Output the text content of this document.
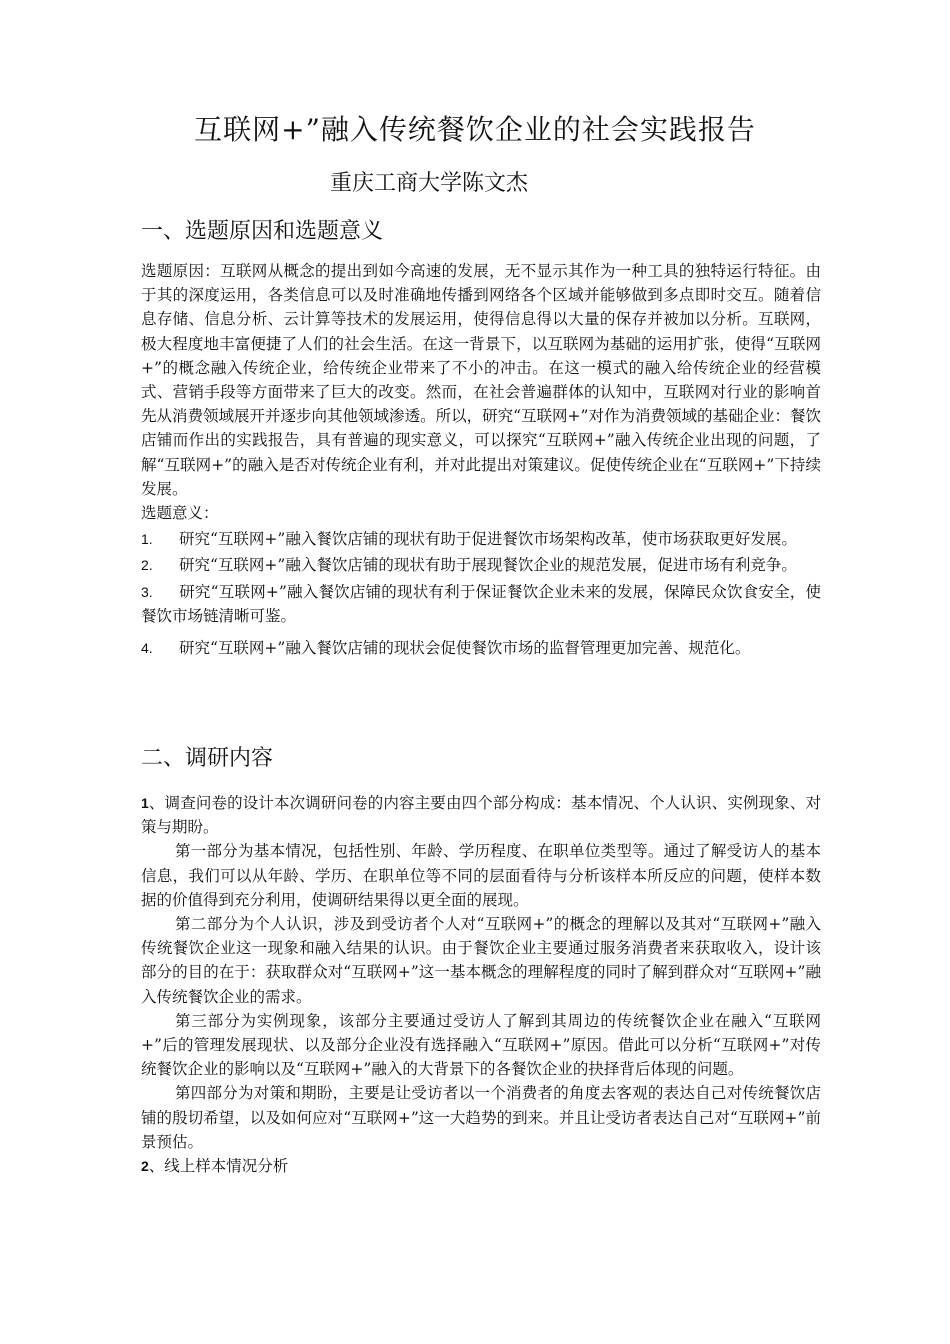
互联网+”融入传统餐饮企业的社会实践报告
重庆工商大学陈文杰
一、选题原因和选题意义

选题原因：互联网从概念的提出到如今高速的发展，无不显示其作为一种工具的独特运行特征。由于其的深度运用，各类信息可以及时准确地传播到网络各个区域并能够做到多点即时交互。随着信息存储、信息分析、云计算等技术的发展运用，使得信息得以大量的保存并被加以分析。互联网，极大程度地丰富便捷了人们的社会生活。在这一背景下，以互联网为基础的运用扩张，使得“互联网+”的概念融入传统企业，给传统企业带来了不小的冲击。在这一模式的融入给传统企业的经营模式、营销手段等方面带来了巨大的改变。然而，在社会普遍群体的认知中，互联网对行业的影响首先从消费领域展开并逐步向其他领域渗透。所以，研究“互联网+”对作为消费领域的基础企业：餐饮店铺而作出的实践报告，具有普遍的现实意义，可以探究“互联网+”融入传统企业出现的问题，了解“互联网+”的融入是否对传统企业有利，并对此提出对策建议。促使传统企业在“互联网+”下持续发展。

选题意义：

1. 研究“互联网+”融入餐饮店铺的现状有助于促进餐饮市场架构改革，使市场获取更好发展。

2. 研究“互联网+”融入餐饮店铺的现状有助于展现餐饮企业的规范发展，促进市场有利竞争。

3. 研究“互联网+”融入餐饮店铺的现状有利于保证餐饮企业未来的发展，保障民众饮食安全，使餐饮市场链清晰可鉴。

4. 研究“互联网+”融入餐饮店铺的现状会促使餐饮市场的监督管理更加完善、规范化。

二、调研内容

1、调查问卷的设计本次调研问卷的内容主要由四个部分构成：基本情况、个人认识、实例现象、对策与期盼。

第一部分为基本情况，包括性别、年龄、学历程度、在职单位类型等。通过了解受访人的基本信息，我们可以从年龄、学历、在职单位等不同的层面看待与分析该样本所反应的问题，使样本数据的价值得到充分利用，使调研结果得以更全面的展现。

第二部分为个人认识，涉及到受访者个人对“互联网+”的概念的理解以及其对“互联网+”融入传统餐饮企业这一现象和融入结果的认识。由于餐饮企业主要通过服务消费者来获取收入，设计该部分的目的在于：获取群众对“互联网+”这一基本概念的理解程度的同时了解到群众对“互联网+”融入传统餐饮企业的需求。

第三部分为实例现象，该部分主要通过受访人了解到其周边的传统餐饮企业在融入“互联网+”后的管理发展现状、以及部分企业没有选择融入“互联网+”原因。借此可以分析“互联网+”对传统餐饮企业的影响以及“互联网+”融入的大背景下的各餐饮企业的抉择背后体现的问题。

第四部分为对策和期盼，主要是让受访者以一个消费者的角度去客观的表达自己对传统餐饮店铺的殷切希望，以及如何应对“互联网+”这一大趋势的到来。并且让受访者表达自己对“互联网+”前景预估。

2、线上样本情况分析
